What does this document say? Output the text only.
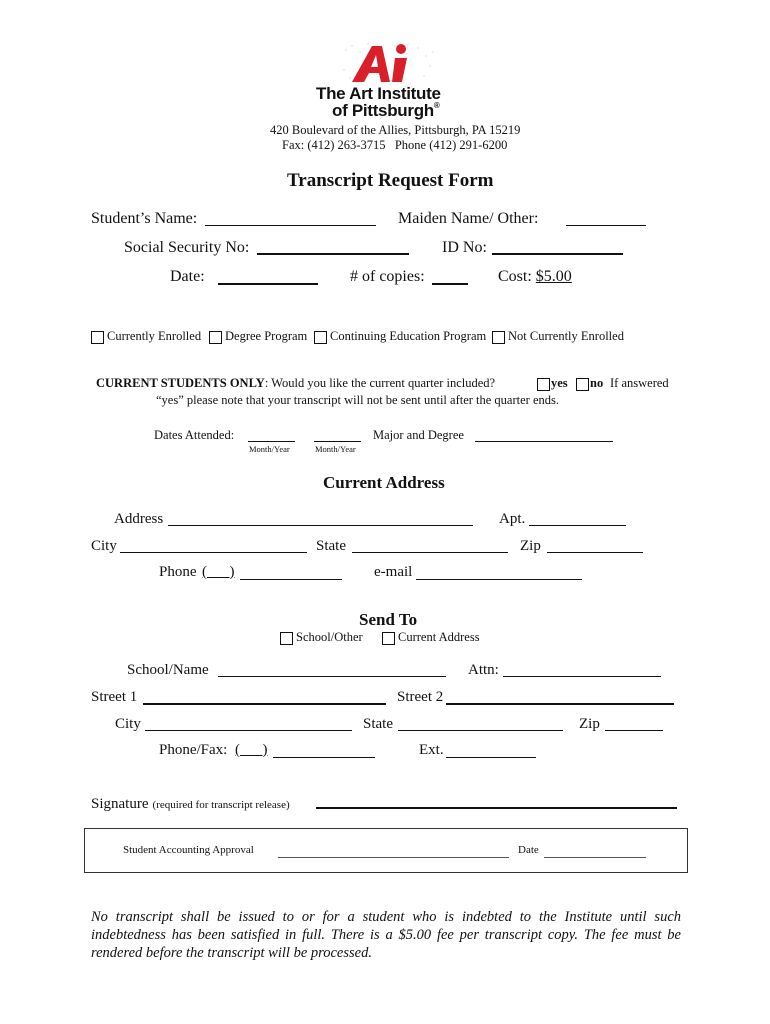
The Art Institute
of Pittsburgh®
420 Boulevard of the Allies, Pittsburgh, PA 15219
Fax: (412) 263-3715   Phone (412) 291-6200
Transcript Request Form
Student’s Name:	Maiden Name/ Other:
Social Security No:	ID No:
Date:	# of copies:	Cost: $5.00
Currently Enrolled Degree Program Continuing Education Program Not Currently Enrolled
CURRENT STUDENTS ONLY: Would you like the current quarter included?	yes no If answered
“yes” please note that your transcript will not be sent until after the quarter ends.
Dates Attended:
Month/Year	Month/Year
Major and Degree
Current Address
Address	Apt.
City	State	Zip
Phone (      )	e-mail
Send To
School/Other	Current Address
School/Name	Attn:
Street 1	Street 2
City	State	Zip
Phone/Fax: (      )	Ext.
Signature (required for transcript release)
Student Accounting Approval	Date
No transcript shall be issued to or for a student who is indebted to the Institute until such indebtedness has been satisfied in full. There is a $5.00 fee per transcript copy. The fee must be rendered before the transcript will be processed.
